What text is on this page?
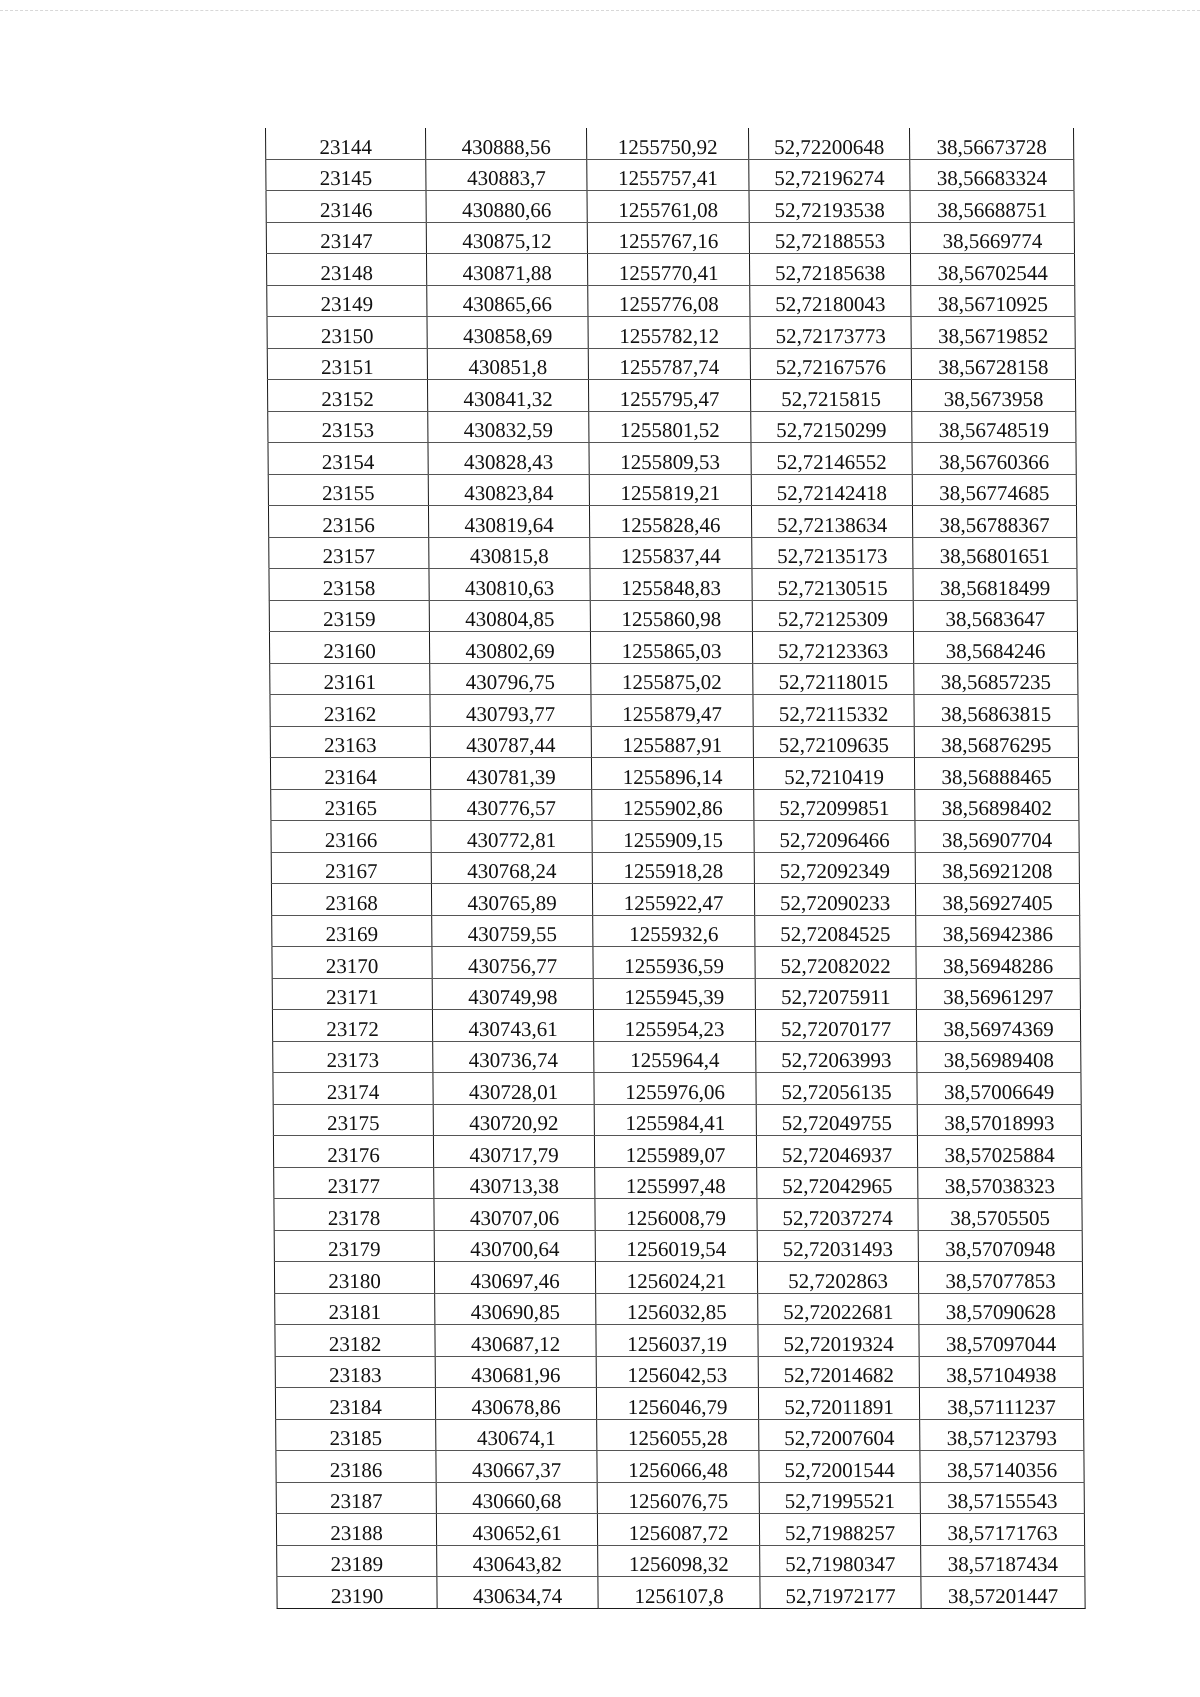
23144	430888,56	1255750,92	52,72200648	38,56673728
23145	430883,7	1255757,41	52,72196274	38,56683324
23146	430880,66	1255761,08	52,72193538	38,56688751
23147	430875,12	1255767,16	52,72188553	38,5669774
23148	430871,88	1255770,41	52,72185638	38,56702544
23149	430865,66	1255776,08	52,72180043	38,56710925
23150	430858,69	1255782,12	52,72173773	38,56719852
23151	430851,8	1255787,74	52,72167576	38,56728158
23152	430841,32	1255795,47	52,7215815	38,5673958
23153	430832,59	1255801,52	52,72150299	38,56748519
23154	430828,43	1255809,53	52,72146552	38,56760366
23155	430823,84	1255819,21	52,72142418	38,56774685
23156	430819,64	1255828,46	52,72138634	38,56788367
23157	430815,8	1255837,44	52,72135173	38,56801651
23158	430810,63	1255848,83	52,72130515	38,56818499
23159	430804,85	1255860,98	52,72125309	38,5683647
23160	430802,69	1255865,03	52,72123363	38,5684246
23161	430796,75	1255875,02	52,72118015	38,56857235
23162	430793,77	1255879,47	52,72115332	38,56863815
23163	430787,44	1255887,91	52,72109635	38,56876295
23164	430781,39	1255896,14	52,7210419	38,56888465
23165	430776,57	1255902,86	52,72099851	38,56898402
23166	430772,81	1255909,15	52,72096466	38,56907704
23167	430768,24	1255918,28	52,72092349	38,56921208
23168	430765,89	1255922,47	52,72090233	38,56927405
23169	430759,55	1255932,6	52,72084525	38,56942386
23170	430756,77	1255936,59	52,72082022	38,56948286
23171	430749,98	1255945,39	52,72075911	38,56961297
23172	430743,61	1255954,23	52,72070177	38,56974369
23173	430736,74	1255964,4	52,72063993	38,56989408
23174	430728,01	1255976,06	52,72056135	38,57006649
23175	430720,92	1255984,41	52,72049755	38,57018993
23176	430717,79	1255989,07	52,72046937	38,57025884
23177	430713,38	1255997,48	52,72042965	38,57038323
23178	430707,06	1256008,79	52,72037274	38,5705505
23179	430700,64	1256019,54	52,72031493	38,57070948
23180	430697,46	1256024,21	52,7202863	38,57077853
23181	430690,85	1256032,85	52,72022681	38,57090628
23182	430687,12	1256037,19	52,72019324	38,57097044
23183	430681,96	1256042,53	52,72014682	38,57104938
23184	430678,86	1256046,79	52,72011891	38,57111237
23185	430674,1	1256055,28	52,72007604	38,57123793
23186	430667,37	1256066,48	52,72001544	38,57140356
23187	430660,68	1256076,75	52,71995521	38,57155543
23188	430652,61	1256087,72	52,71988257	38,57171763
23189	430643,82	1256098,32	52,71980347	38,57187434
23190	430634,74	1256107,8	52,71972177	38,57201447
